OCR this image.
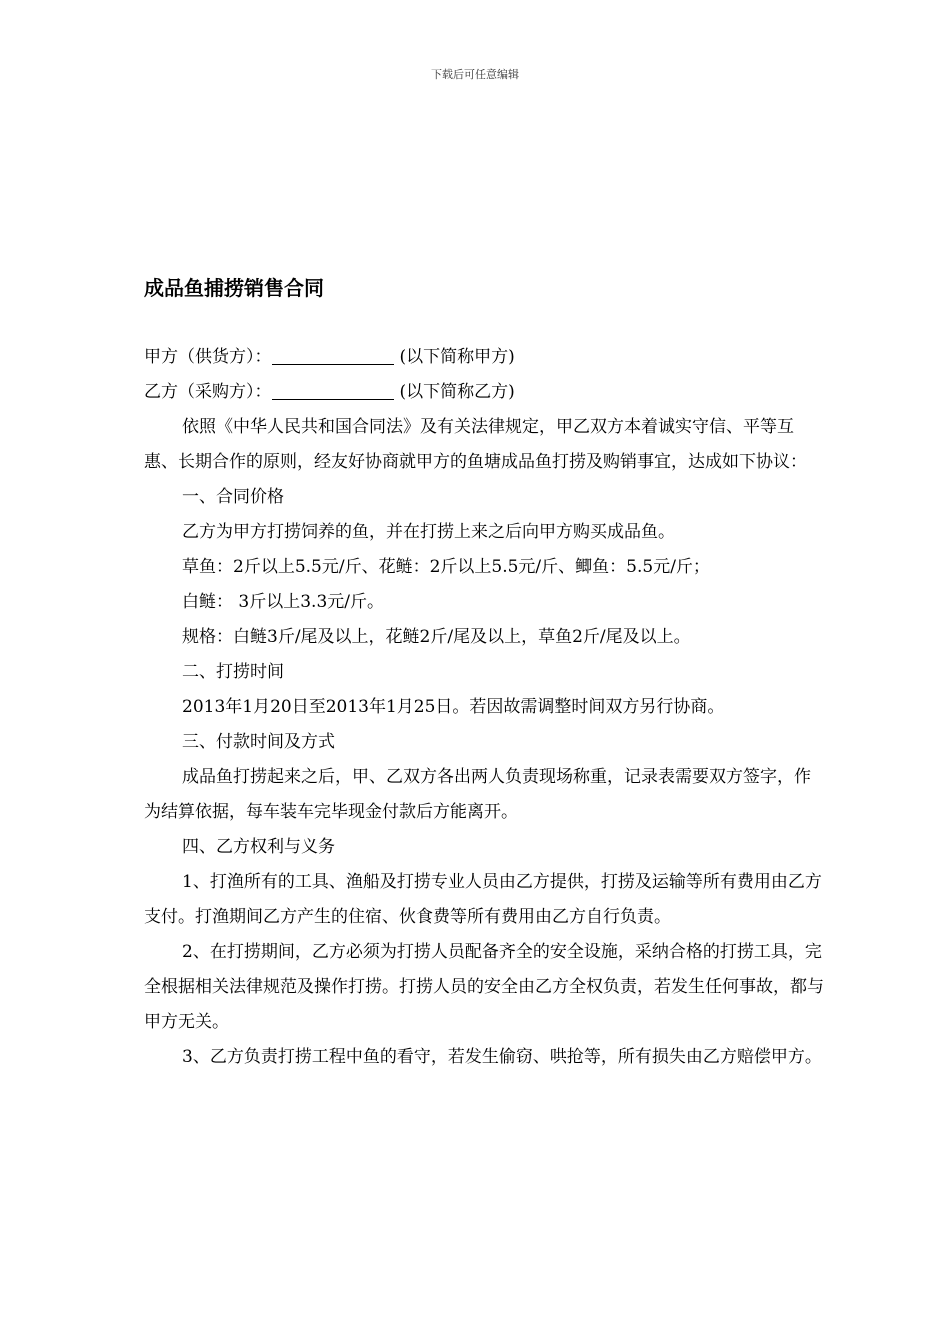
下载后可任意编辑
成品鱼捕捞销售合同

甲方（供货方）：	(以下简称甲方)

乙方（采购方）：	(以下简称乙方)

依照《中华人民共和国合同法》及有关法律规定，甲乙双方本着诚实守信、平等互惠、长期合作的原则，经友好协商就甲方的鱼塘成品鱼打捞及购销事宜，达成如下协议：

一、合同价格

乙方为甲方打捞饲养的鱼，并在打捞上来之后向甲方购买成品鱼。

草鱼：2斤以上5.5元/斤、花鲢：2斤以上5.5元/斤、鲫鱼：5.5元/斤；

白鲢： 3斤以上3.3元/斤。

规格：白鲢3斤/尾及以上，花鲢2斤/尾及以上，草鱼2斤/尾及以上。

二、打捞时间

2013年1月20日至2013年1月25日。若因故需调整时间双方另行协商。

三、付款时间及方式

成品鱼打捞起来之后，甲、乙双方各出两人负责现场称重，记录表需要双方签字，作为结算依据，每车装车完毕现金付款后方能离开。

四、乙方权利与义务

1、打渔所有的工具、渔船及打捞专业人员由乙方提供，打捞及运输等所有费用由乙方支付。打渔期间乙方产生的住宿、伙食费等所有费用由乙方自行负责。

2、在打捞期间，乙方必须为打捞人员配备齐全的安全设施，采纳合格的打捞工具，完全根据相关法律规范及操作打捞。打捞人员的安全由乙方全权负责，若发生任何事故，都与甲方无关。

3、乙方负责打捞工程中鱼的看守，若发生偷窃、哄抢等，所有损失由乙方赔偿甲方。
